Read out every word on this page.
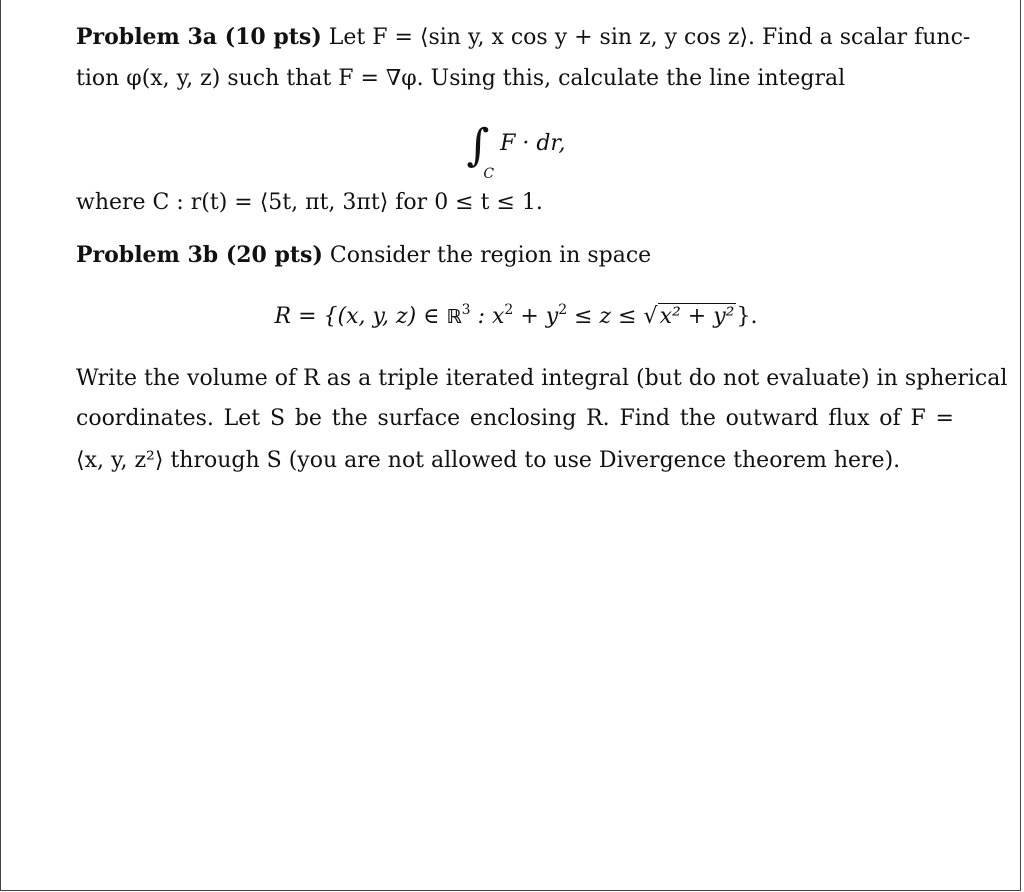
Problem 3a (10 pts) Let F = ⟨sin y, x cos y + sin z, y cos z⟩. Find a scalar func-
tion φ(x, y, z) such that F = ∇φ. Using this, calculate the line integral
$\int_CF$ · dr,
where C : r(t) = ⟨5t, πt, 3πt⟩ for 0 ≤ t ≤ 1.
Problem 3b (20 pts) Consider the region in space
R = {(x, y, z) ∈ ℝ$^3$ : $x^2 + y^2 \le z \le √x^2 + y^2$}.
Write the volume of R as a triple iterated integral (but do not evaluate) in spherical
coordinates. Let S be the surface enclosing R. Find the outward flux of F =
⟨x, y, z²⟩ through S (you are not allowed to use Divergence theorem here).
